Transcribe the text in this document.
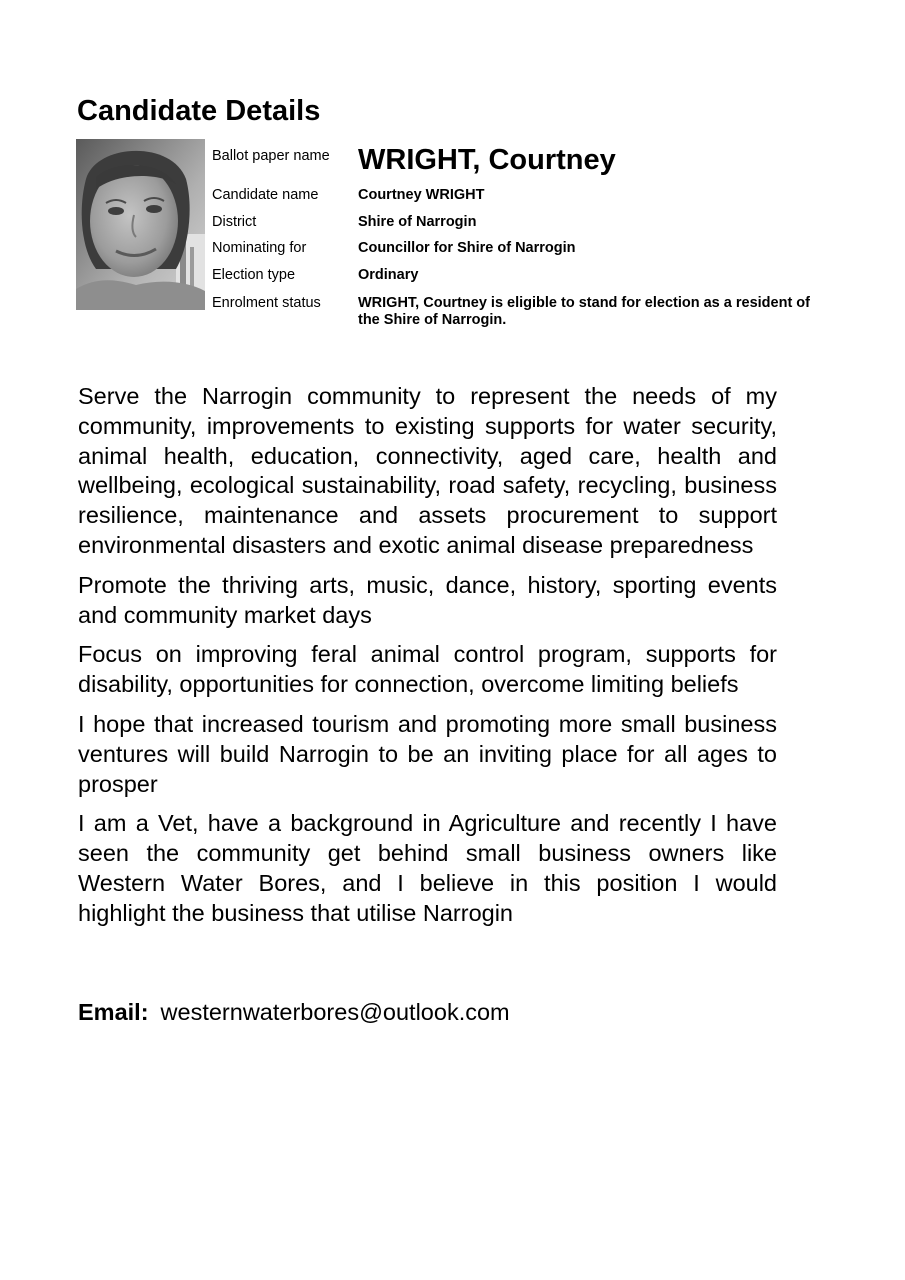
Candidate Details
Ballot paper name WRIGHT, Courtney
Candidate name	Courtney WRIGHT
District	Shire of Narrogin
Nominating for	Councillor for Shire of Narrogin
Election type	Ordinary
Enrolment status	WRIGHT, Courtney is eligible to stand for election as a resident of the Shire of Narrogin.

Serve the Narrogin community to represent the needs of my community, improvements to existing supports for water security, animal health, education, connectivity, aged care, health and wellbeing, ecological sustainability, road safety, recycling, business resilience, maintenance and assets procurement to support environmental disasters and exotic animal disease preparedness

Promote the thriving arts, music, dance, history, sporting events and community market days

Focus on improving feral animal control program, supports for disability, opportunities for connection, overcome limiting beliefs

I hope that increased tourism and promoting more small business ventures will build Narrogin to be an inviting place for all ages to prosper

I am a Vet, have a background in Agriculture and recently I have seen the community get behind small business owners like Western Water Bores, and I believe in this position I would highlight the business that utilise Narrogin

Email: westernwaterbores@outlook.com
